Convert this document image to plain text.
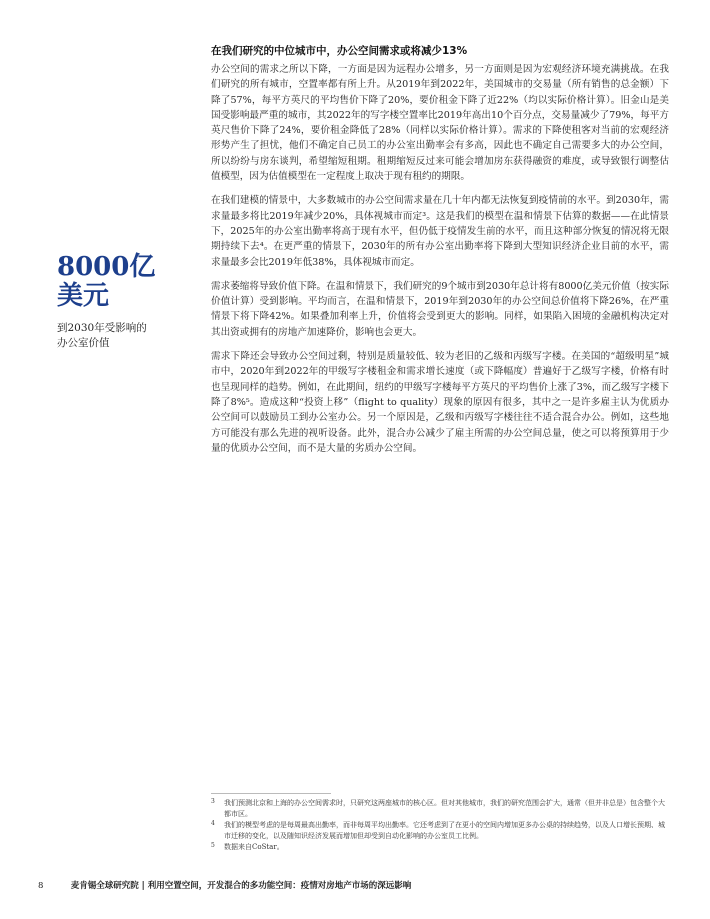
在我们研究的中位城市中，办公空间需求或将减少13%

办公空间的需求之所以下降，一方面是因为远程办公增多，另一方面则是因为宏观经济环境充满挑战。在我们研究的所有城市，空置率都有所上升。从2019年到2022年，美国城市的交易量（所有销售的总金额）下降了57%，每平方英尺的平均售价下降了20%，要价租金下降了近22%（均以实际价格计算）。旧金山是美国受影响最严重的城市，其2022年的写字楼空置率比2019年高出10个百分点，交易量减少了79%，每平方英尺售价下降了24%，要价租金降低了28%（同样以实际价格计算）。需求的下降使租客对当前的宏观经济形势产生了担忧，他们不确定自己员工的办公室出勤率会有多高，因此也不确定自己需要多大的办公空间，所以纷纷与房东谈判，希望缩短租期。租期缩短反过来可能会增加房东获得融资的难度，或导致银行调整估值模型，因为估值模型在一定程度上取决于现有租约的期限。

在我们建模的情景中，大多数城市的办公空间需求量在几十年内都无法恢复到疫情前的水平。到2030年，需求量最多将比2019年减少20%，具体视城市而定³。这是我们的模型在温和情景下估算的数据——在此情景下，2025年的办公室出勤率将高于现有水平，但仍低于疫情发生前的水平，而且这种部分恢复的情况将无限期持续下去⁴。在更严重的情景下，2030年的所有办公室出勤率将下降到大型知识经济企业目前的水平，需求量最多会比2019年低38%，具体视城市而定。

需求萎缩将导致价值下降。在温和情景下，我们研究的9个城市到2030年总计将有8000亿美元价值（按实际价值计算）受到影响。平均而言，在温和情景下，2019年到2030年的办公空间总价值将下降26%，在严重情景下将下降42%。如果叠加利率上升，价值将会受到更大的影响。同样，如果陷入困境的金融机构决定对其出资或拥有的房地产加速降价，影响也会更大。

需求下降还会导致办公空间过剩，特别是质量较低、较为老旧的乙级和丙级写字楼。在美国的“超级明星”城市中，2020年到2022年的甲级写字楼租金和需求增长速度（或下降幅度）普遍好于乙级写字楼，价格有时也呈现同样的趋势。例如，在此期间，纽约的甲级写字楼每平方英尺的平均售价上涨了3%，而乙级写字楼下降了8%⁵。造成这种“投资上移”（flight to quality）现象的原因有很多，其中之一是许多雇主认为优质办公空间可以鼓励员工到办公室办公。另一个原因是，乙级和丙级写字楼往往不适合混合办公。例如，这些地方可能没有那么先进的视听设备。此外，混合办公减少了雇主所需的办公空间总量，使之可以将预算用于少量的优质办公空间，而不是大量的劣质办公空间。

8000亿
美元
到2030年受影响的
办公室价值
3 我们预测北京和上海的办公空间需求时，只研究这两座城市的核心区。但对其他城市，我们的研究范围会扩大，通常（但并非总是）包含整个大都市区。
4 我们的模型考虑的是每周最高出勤率，而非每周平均出勤率。它还考虑到了在更小的空间内增加更多办公桌的持续趋势，以及人口增长预期、城市迁移的变化，以及随知识经济发展而增加但却受到自动化影响的办公室员工比例。
5 数据来自CoStar。
8	麦肯锡全球研究院 | 利用空置空间，开发混合的多功能空间：疫情对房地产市场的深远影响
